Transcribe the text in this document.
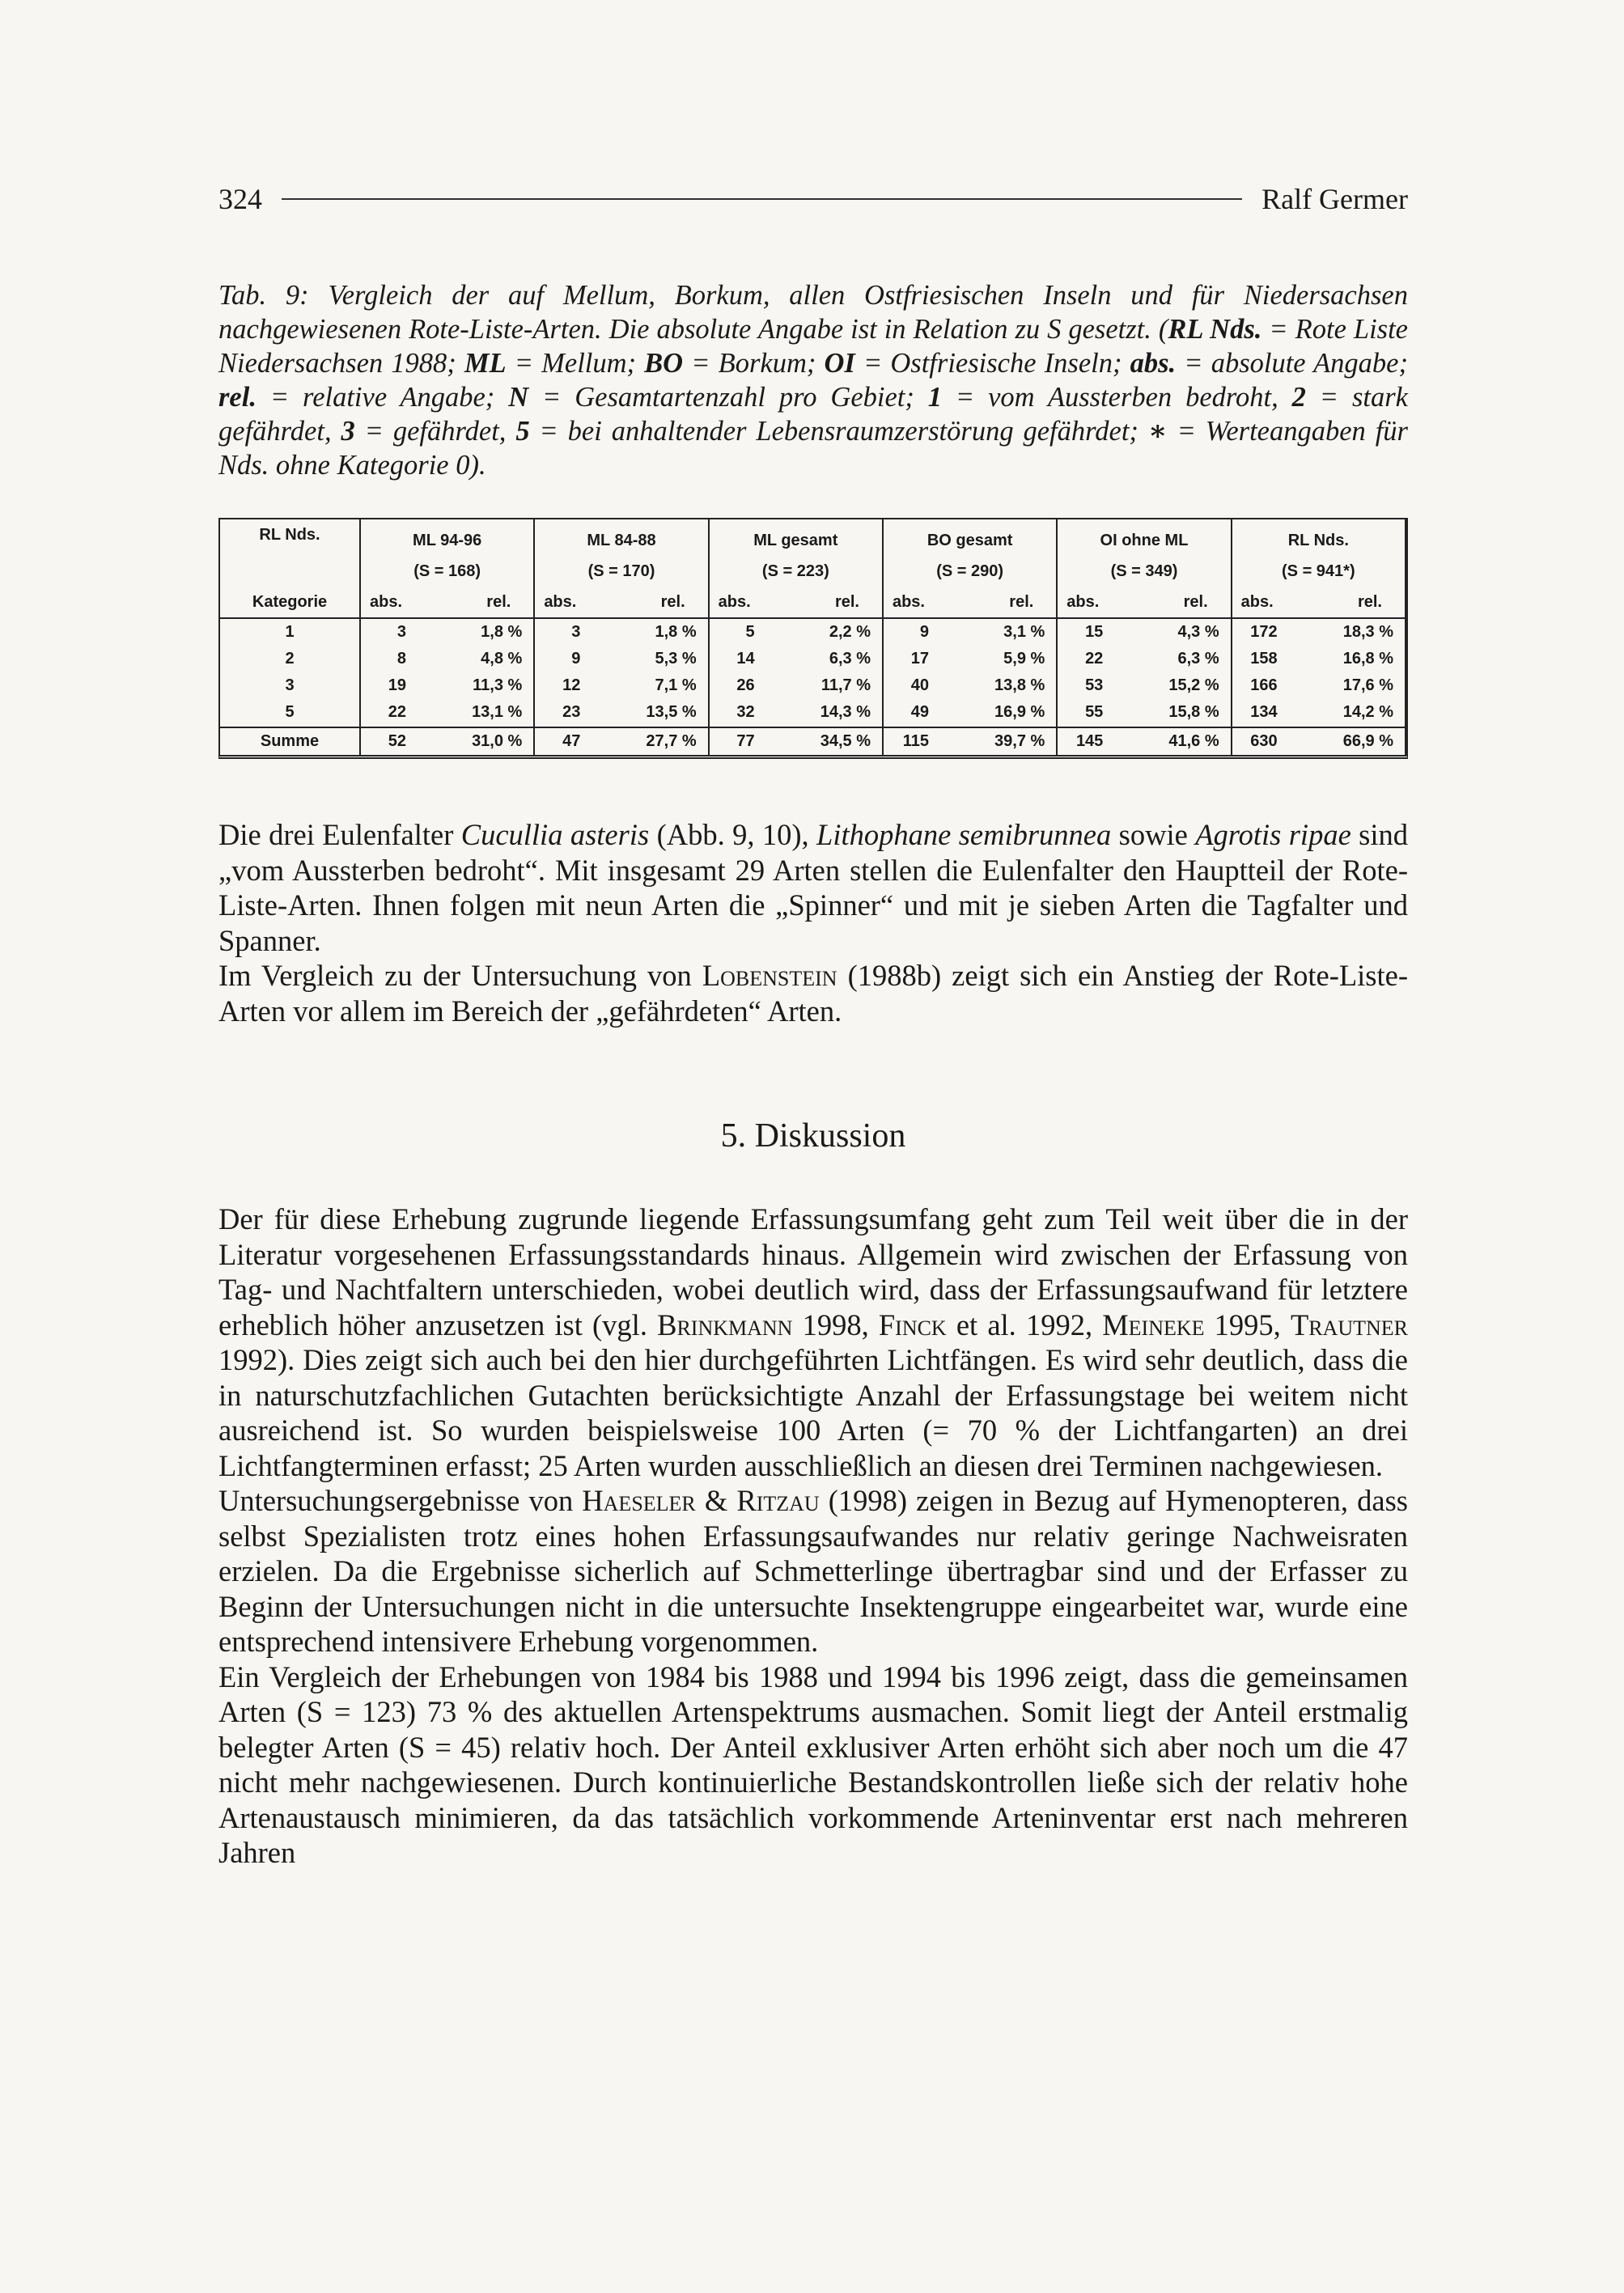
324	Ralf Germer
Tab. 9: Vergleich der auf Mellum, Borkum, allen Ostfriesischen Inseln und für Niedersachsen nachgewiesenen Rote-Liste-Arten. Die absolute Angabe ist in Relation zu S gesetzt. (RL Nds. = Rote Liste Niedersachsen 1988; ML = Mellum; BO = Borkum; OI = Ostfriesische Inseln; abs. = absolute Angabe; rel. = relative Angabe; N = Gesamtartenzahl pro Gebiet; 1 = vom Aussterben bedroht, 2 = stark gefährdet, 3 = gefährdet, 5 = bei anhaltender Lebensraumzerstörung gefährdet; ∗ = Werteangaben für Nds. ohne Kategorie 0).
RL Nds.	ML 94-96		ML 84-88		ML gesamt		BO gesamt		OI ohne ML		RL Nds.	
	(S = 168)		(S = 170)		(S = 223)		(S = 290)		(S = 349)		(S = 941*)	
Kategorie	abs.	rel.	abs.	rel.	abs.	rel.	abs.	rel.	abs.	rel.	abs.	rel.
1	3	1,8 %	3	1,8 %	5	2,2 %	9	3,1 %	15	4,3 %	172	18,3 %
2	8	4,8 %	9	5,3 %	14	6,3 %	17	5,9 %	22	6,3 %	158	16,8 %
3	19	11,3 %	12	7,1 %	26	11,7 %	40	13,8 %	53	15,2 %	166	17,6 %
5	22	13,1 %	23	13,5 %	32	14,3 %	49	16,9 %	55	15,8 %	134	14,2 %
Summe	52	31,0 %	47	27,7 %	77	34,5 %	115	39,7 %	145	41,6 %	630	66,9 %

Die drei Eulenfalter Cucullia asteris (Abb. 9, 10), Lithophane semibrunnea sowie Agrotis ripae sind „vom Aussterben bedroht“. Mit insgesamt 29 Arten stellen die Eulenfalter den Hauptteil der Rote-Liste-Arten. Ihnen folgen mit neun Arten die „Spinner“ und mit je sieben Arten die Tagfalter und Spanner.

Im Vergleich zu der Untersuchung von Lobenstein (1988b) zeigt sich ein Anstieg der Rote-Liste-Arten vor allem im Bereich der „gefährdeten“ Arten.

5. Diskussion

Der für diese Erhebung zugrunde liegende Erfassungsumfang geht zum Teil weit über die in der Literatur vorgesehenen Erfassungsstandards hinaus. Allgemein wird zwischen der Erfassung von Tag- und Nachtfaltern unterschieden, wobei deutlich wird, dass der Erfassungsaufwand für letztere erheblich höher anzusetzen ist (vgl. Brinkmann 1998, Finck et al. 1992, Meineke 1995, Trautner 1992). Dies zeigt sich auch bei den hier durchgeführten Lichtfängen. Es wird sehr deutlich, dass die in naturschutzfachlichen Gutachten berücksichtigte Anzahl der Erfassungstage bei weitem nicht ausreichend ist. So wurden beispielsweise 100 Arten (= 70 % der Lichtfangarten) an drei Lichtfangterminen erfasst; 25 Arten wurden ausschließlich an diesen drei Terminen nachgewiesen.

Untersuchungsergebnisse von Haeseler & Ritzau (1998) zeigen in Bezug auf Hymenopteren, dass selbst Spezialisten trotz eines hohen Erfassungsaufwandes nur relativ geringe Nachweisraten erzielen. Da die Ergebnisse sicherlich auf Schmetterlinge übertragbar sind und der Erfasser zu Beginn der Untersuchungen nicht in die untersuchte Insektengruppe eingearbeitet war, wurde eine entsprechend intensivere Erhebung vorgenommen.

Ein Vergleich der Erhebungen von 1984 bis 1988 und 1994 bis 1996 zeigt, dass die gemeinsamen Arten (S = 123) 73 % des aktuellen Artenspektrums ausmachen. Somit liegt der Anteil erstmalig belegter Arten (S = 45) relativ hoch. Der Anteil exklusiver Arten erhöht sich aber noch um die 47 nicht mehr nachgewiesenen. Durch kontinuierliche Bestandskontrollen ließe sich der relativ hohe Artenaustausch minimieren, da das tatsächlich vorkommende Arteninventar erst nach mehreren Jahren
